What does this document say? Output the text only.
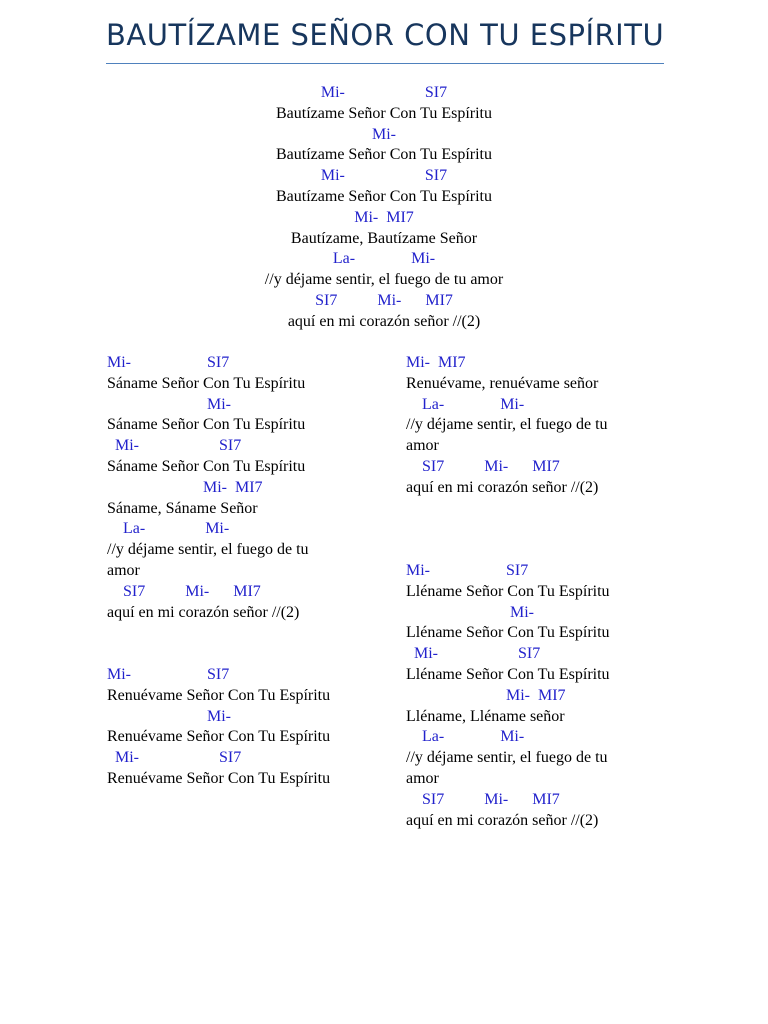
BAUTÍZAME SEÑOR CON TU ESPÍRITU
Mi-                    SI7
Bautízame Señor Con Tu Espíritu
Mi-
Bautízame Señor Con Tu Espíritu
Mi-                    SI7
Bautízame Señor Con Tu Espíritu
Mi-  MI7
Bautízame, Bautízame Señor
La-              Mi-
//y déjame sentir, el fuego de tu amor
SI7          Mi-      MI7
aquí en mi corazón señor //(2)
Mi-                   SI7
Sáname Señor Con Tu Espíritu
Mi-
Sáname Señor Con Tu Espíritu
Mi-                    SI7
Sáname Señor Con Tu Espíritu
Mi-  MI7
Sáname, Sáname Señor
La-               Mi-
//y déjame sentir, el fuego de tu
amor
SI7          Mi-      MI7
aquí en mi corazón señor //(2)
Mi-                   SI7
Renuévame Señor Con Tu Espíritu
Mi-
Renuévame Señor Con Tu Espíritu
Mi-                    SI7
Renuévame Señor Con Tu Espíritu
Mi-  MI7
Renuévame, renuévame señor
La-              Mi-
//y déjame sentir, el fuego de tu
amor
SI7          Mi-      MI7
aquí en mi corazón señor //(2)
Mi-                   SI7
Lléname Señor Con Tu Espíritu
Mi-
Lléname Señor Con Tu Espíritu
Mi-                    SI7
Lléname Señor Con Tu Espíritu
Mi-  MI7
Lléname, Lléname señor
La-              Mi-
//y déjame sentir, el fuego de tu
amor
SI7          Mi-      MI7
aquí en mi corazón señor //(2)
